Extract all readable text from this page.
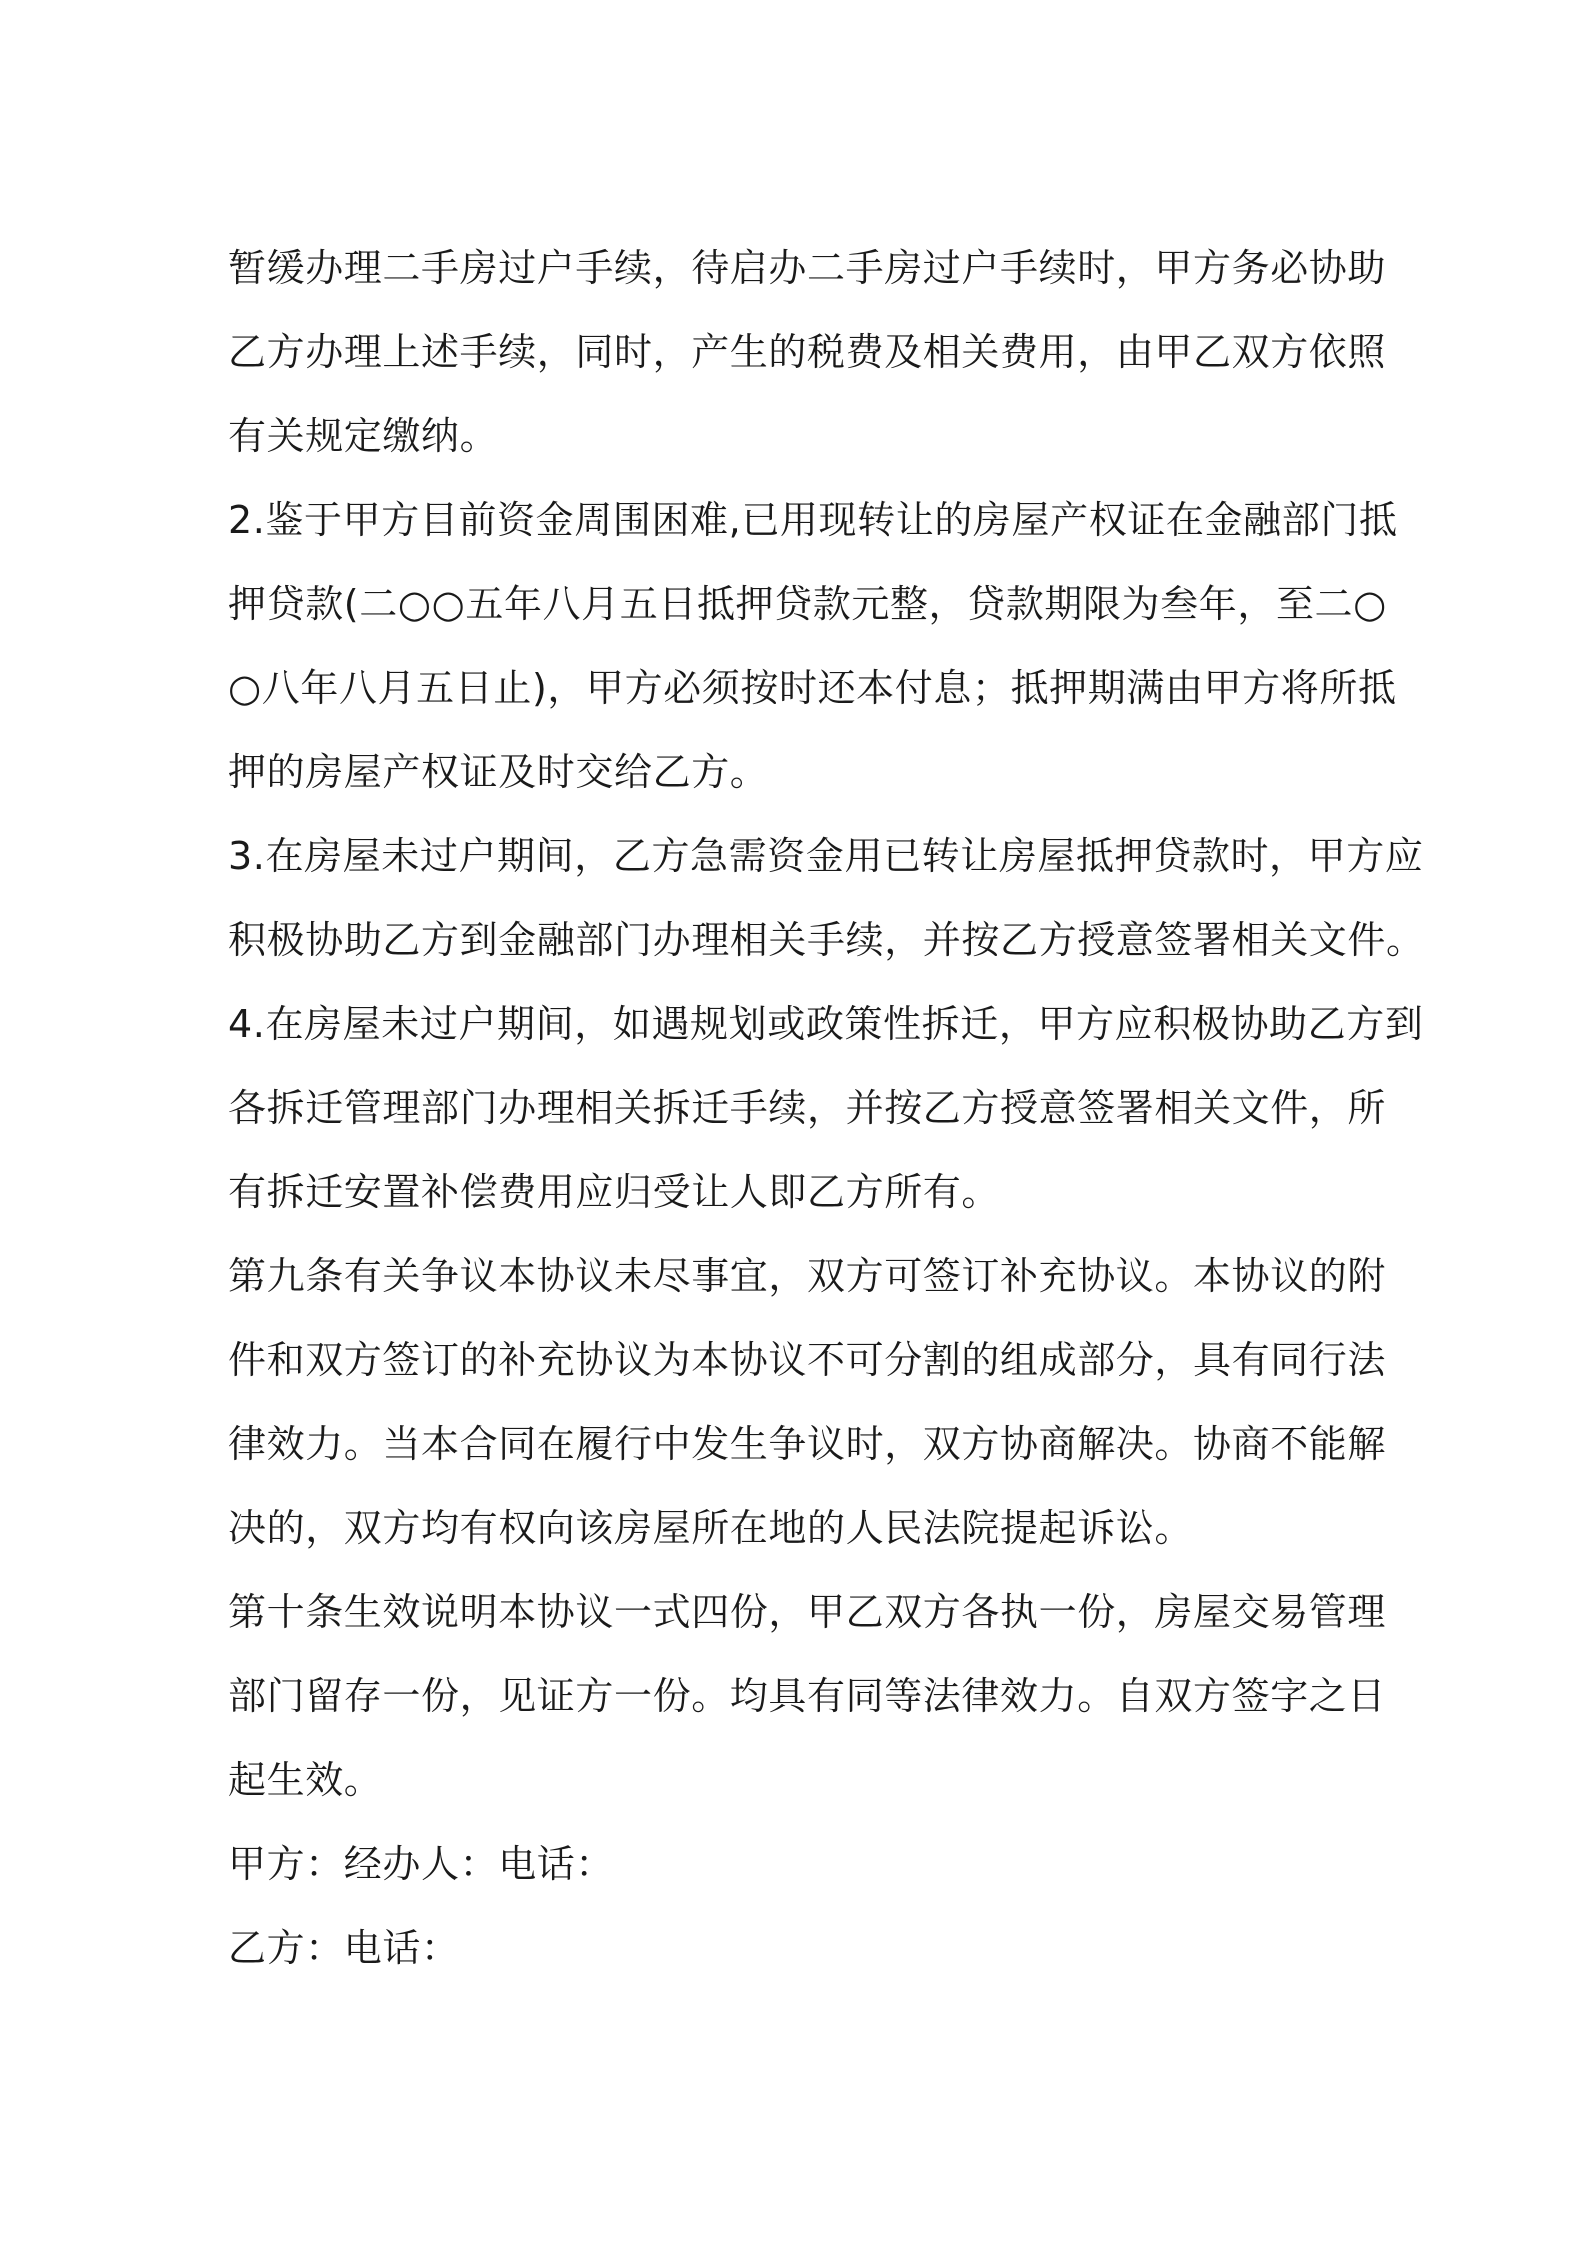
暂缓办理二手房过户手续，待启办二手房过户手续时，甲方务必协助
乙方办理上述手续，同时，产生的税费及相关费用，由甲乙双方依照
有关规定缴纳。
2.鉴于甲方目前资金周围困难,已用现转让的房屋产权证在金融部门抵
押贷款(二○○五年八月五日抵押贷款元整，贷款期限为叁年，至二○
○八年八月五日止)，甲方必须按时还本付息；抵押期满由甲方将所抵
押的房屋产权证及时交给乙方。
3.在房屋未过户期间，乙方急需资金用已转让房屋抵押贷款时，甲方应
积极协助乙方到金融部门办理相关手续，并按乙方授意签署相关文件。
4.在房屋未过户期间，如遇规划或政策性拆迁，甲方应积极协助乙方到
各拆迁管理部门办理相关拆迁手续，并按乙方授意签署相关文件，所
有拆迁安置补偿费用应归受让人即乙方所有。
第九条有关争议本协议未尽事宜，双方可签订补充协议。本协议的附
件和双方签订的补充协议为本协议不可分割的组成部分，具有同行法
律效力。当本合同在履行中发生争议时，双方协商解决。协商不能解
决的，双方均有权向该房屋所在地的人民法院提起诉讼。
第十条生效说明本协议一式四份，甲乙双方各执一份，房屋交易管理
部门留存一份，见证方一份。均具有同等法律效力。自双方签字之日
起生效。
甲方：经办人：电话：
乙方：电话：
